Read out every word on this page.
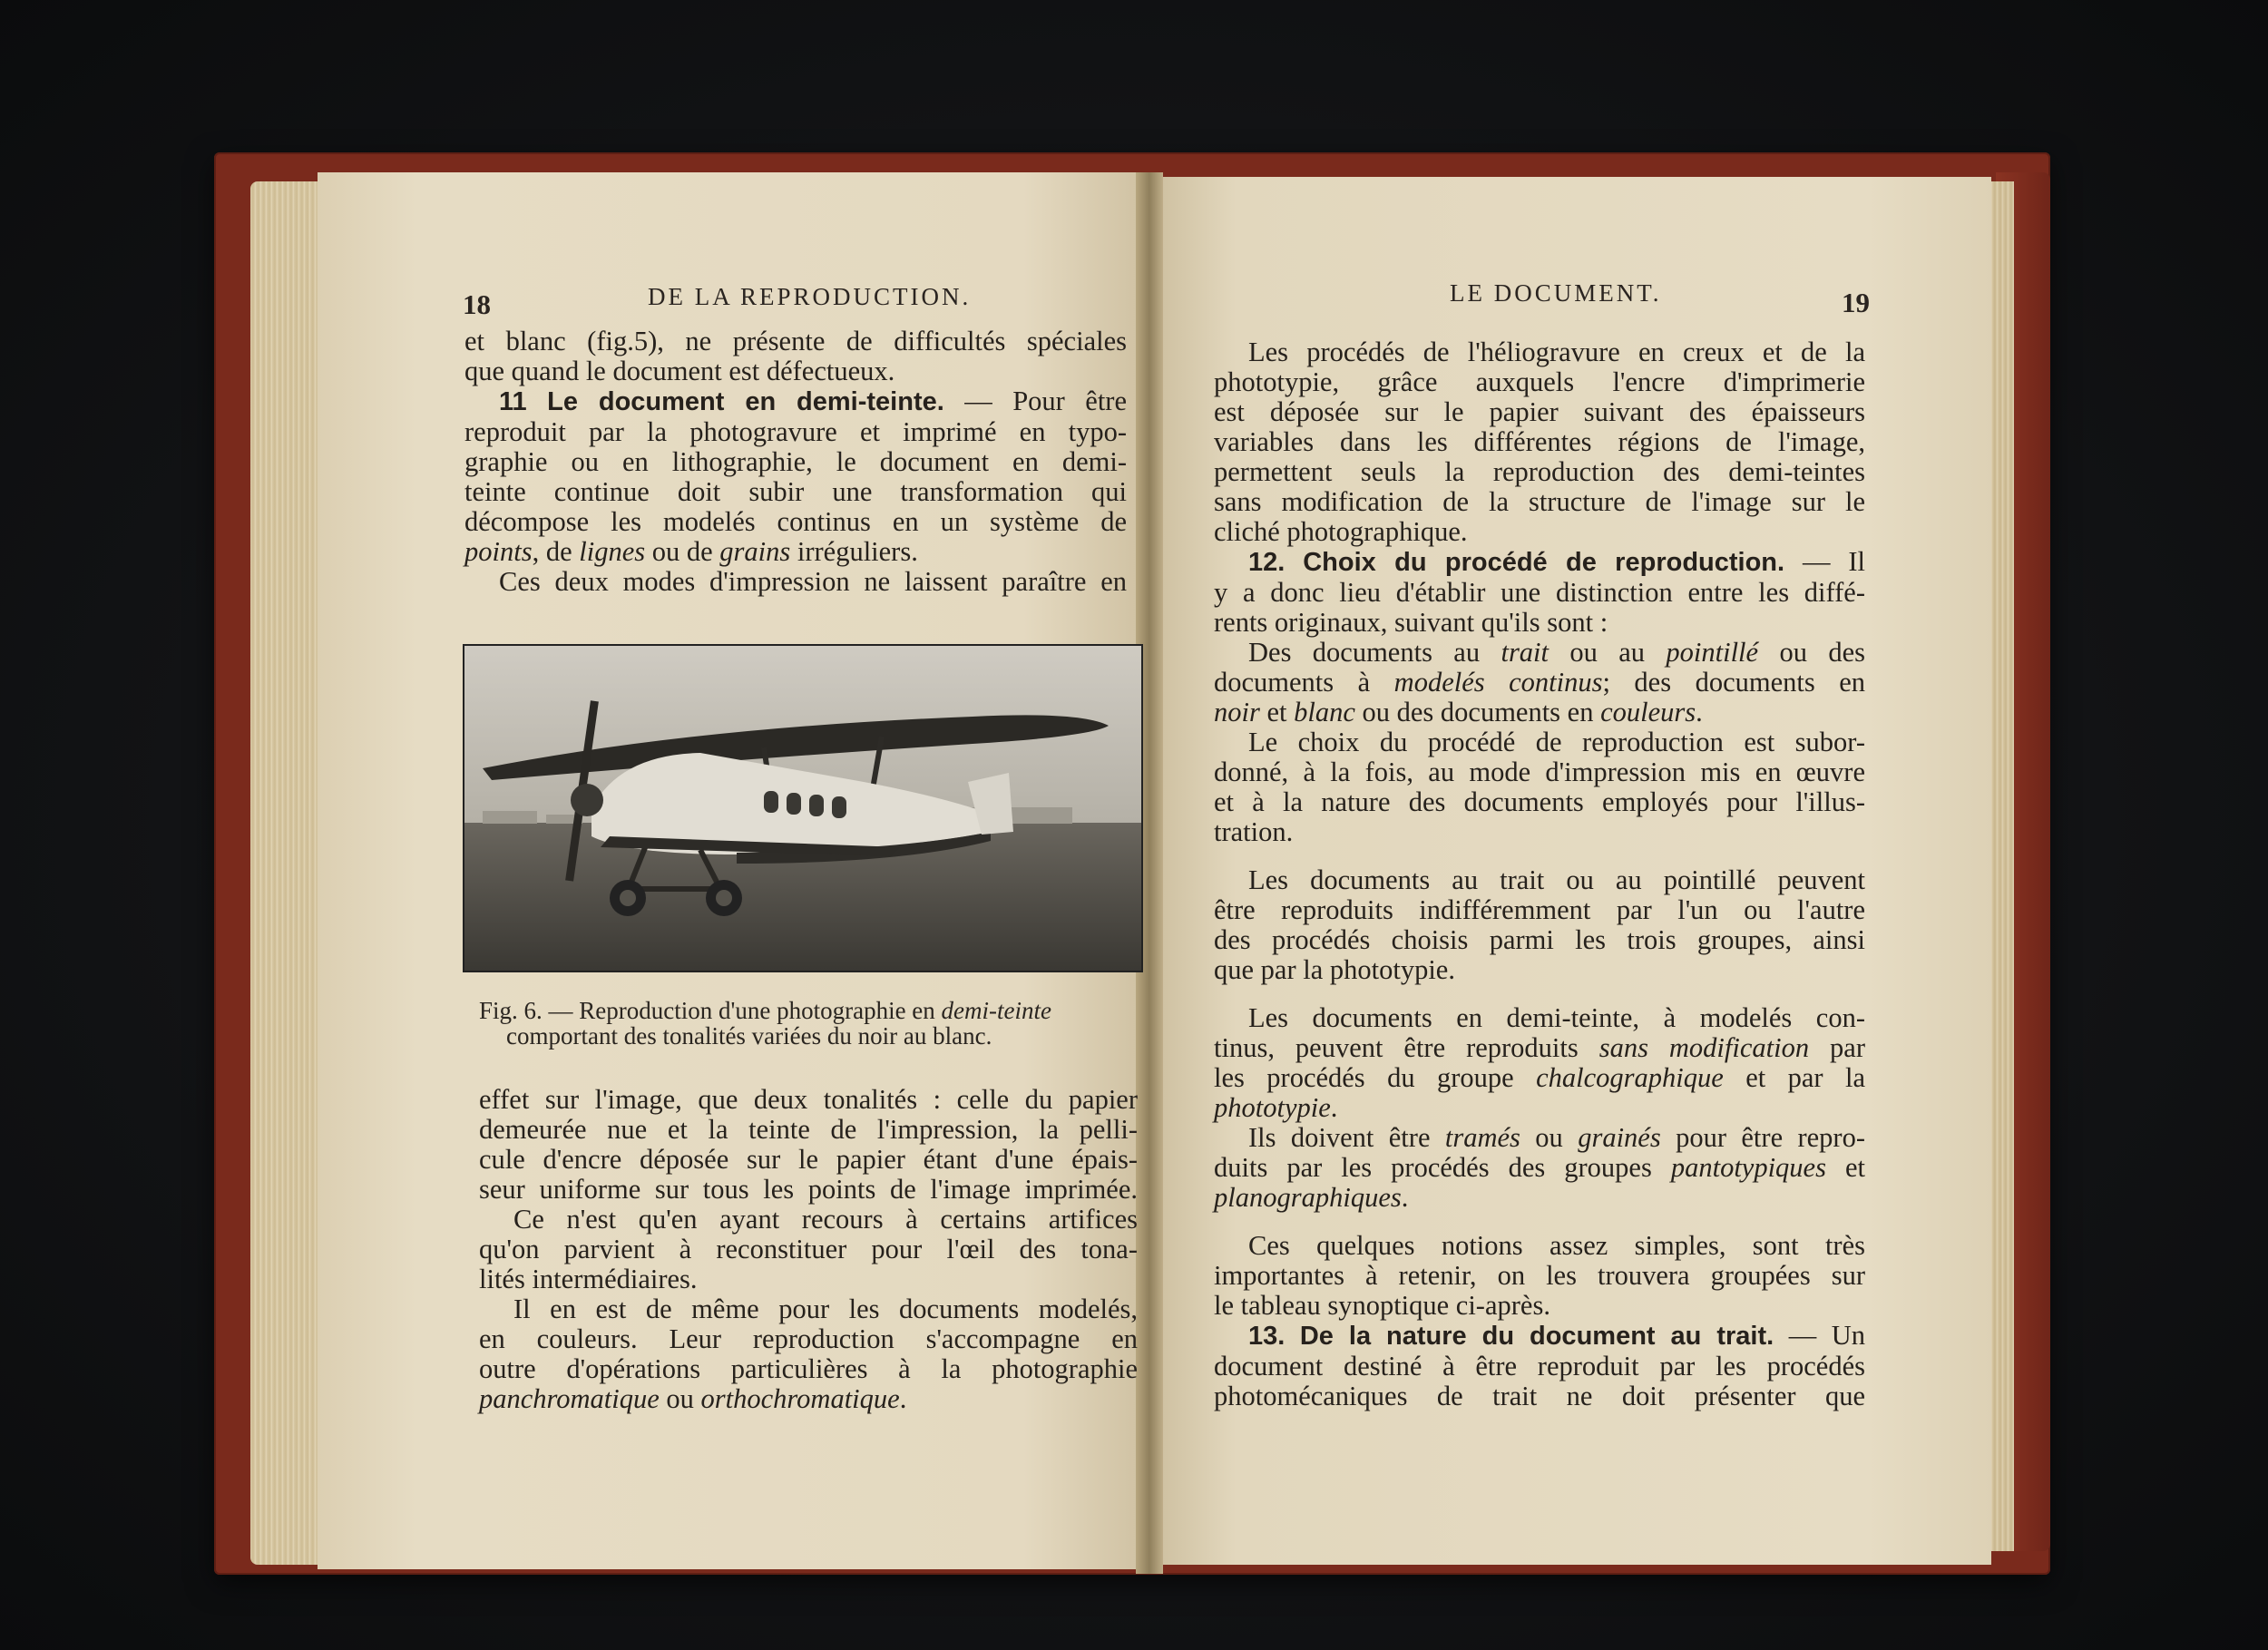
18	DE LA REPRODUCTION.
et blanc (fig.5), ne présente de difficultés spéciales
que quand le document est défectueux.
11 Le document en demi-teinte. — Pour être
reproduit par la photogravure et imprimé en typo-
graphie ou en lithographie, le document en demi-
teinte continue doit subir une transformation qui
décompose les modelés continus en un système de
points, de lignes ou de grains irréguliers.
Ces deux modes d'impression ne laissent paraître en
Fig. 6. — Reproduction d'une photographie en demi-teinte
comportant des tonalités variées du noir au blanc.
effet sur l'image, que deux tonalités : celle du papier
demeurée nue et la teinte de l'impression, la pelli-
cule d'encre déposée sur le papier étant d'une épais-
seur uniforme sur tous les points de l'image imprimée.
Ce n'est qu'en ayant recours à certains artifices
qu'on parvient à reconstituer pour l'œil des tona-
lités intermédiaires.
Il en est de même pour les documents modelés,
en couleurs. Leur reproduction s'accompagne en
outre d'opérations particulières à la photographie
panchromatique ou orthochromatique.
LE DOCUMENT.	19
Les procédés de l'héliogravure en creux et de la
phototypie, grâce auxquels l'encre d'imprimerie
est déposée sur le papier suivant des épaisseurs
variables dans les différentes régions de l'image,
permettent seuls la reproduction des demi-teintes
sans modification de la structure de l'image sur le
cliché photographique.
12. Choix du procédé de reproduction. — Il
y a donc lieu d'établir une distinction entre les diffé-
rents originaux, suivant qu'ils sont :
Des documents au trait ou au pointillé ou des
documents à modelés continus; des documents en
noir et blanc ou des documents en couleurs.
Le choix du procédé de reproduction est subor-
donné, à la fois, au mode d'impression mis en œuvre
et à la nature des documents employés pour l'illus-
tration.
Les documents au trait ou au pointillé peuvent
être reproduits indifféremment par l'un ou l'autre
des procédés choisis parmi les trois groupes, ainsi
que par la phototypie.
Les documents en demi-teinte, à modelés con-
tinus, peuvent être reproduits sans modification par
les procédés du groupe chalcographique et par la
phototypie.
Ils doivent être tramés ou grainés pour être repro-
duits par les procédés des groupes pantotypiques et
planographiques.
Ces quelques notions assez simples, sont très
importantes à retenir, on les trouvera groupées sur
le tableau synoptique ci-après.
13. De la nature du document au trait. — Un
document destiné à être reproduit par les procédés
photomécaniques de trait ne doit présenter que
